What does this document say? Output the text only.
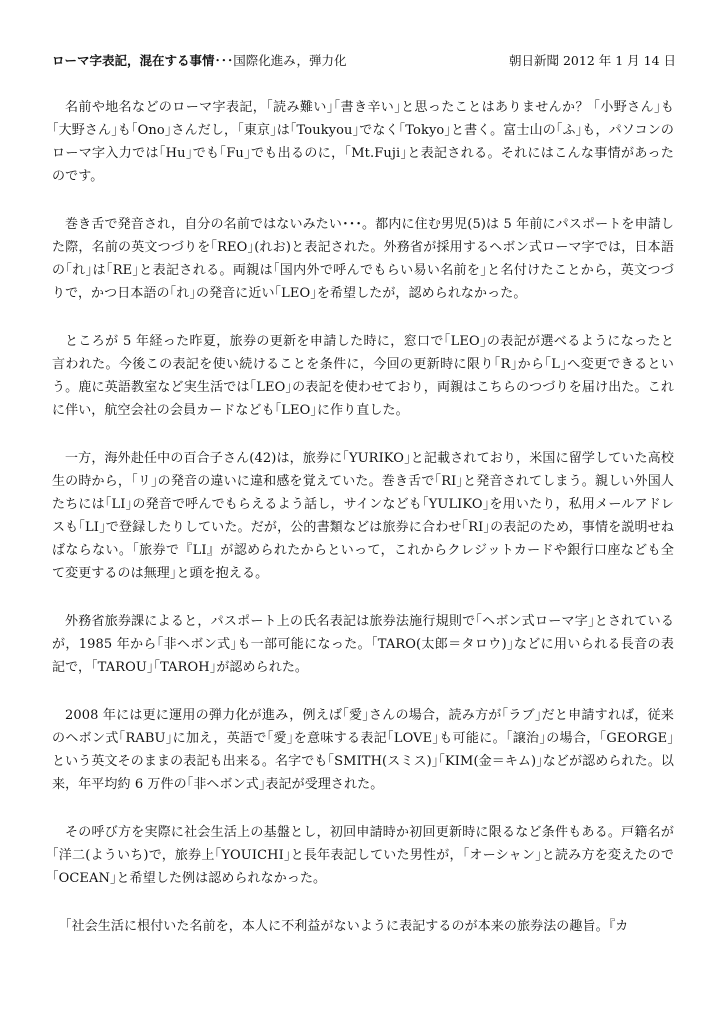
ローマ字表記，混在する事情･･･国際化進み，弾力化	朝日新聞 2012 年 1 月 14 日

名前や地名などのローマ字表記，｢読み難い｣｢書き辛い｣と思ったことはありませんか？ ｢小野さん｣も｢大野さん｣も｢Ono｣さんだし，｢東京｣は｢Toukyou｣でなく｢Tokyo｣と書く。富士山の｢ふ｣も，パソコンのローマ字入力では｢Hu｣でも｢Fu｣でも出るのに，｢Mt.Fuji｣と表記される。それにはこんな事情があったのです。

巻き舌で発音され，自分の名前ではないみたい･･･。都内に住む男児(5)は 5 年前にパスポートを申請した際，名前の英文つづりを｢REO｣(れお)と表記された。外務省が採用するヘボン式ローマ字では，日本語の｢れ｣は｢RE｣と表記される。両親は｢国内外で呼んでもらい易い名前を｣と名付けたことから，英文つづりで，かつ日本語の｢れ｣の発音に近い｢LEO｣を希望したが，認められなかった。

ところが 5 年経った昨夏，旅券の更新を申請した時に，窓口で｢LEO｣の表記が選べるようになったと言われた。今後この表記を使い続けることを条件に，今回の更新時に限り｢R｣から｢L｣へ変更できるという。鹿に英語教室など実生活では｢LEO｣の表記を使わせており，両親はこちらのつづりを届け出た。これに伴い，航空会社の会員カードなども｢LEO｣に作り直した。

一方，海外赴任中の百合子さん(42)は，旅券に｢YURIKO｣と記載されており，米国に留学していた高校生の時から，｢リ｣の発音の違いに違和感を覚えていた。巻き舌で｢RI｣と発音されてしまう。親しい外国人たちには｢LI｣の発音で呼んでもらえるよう話し，サインなども｢YULIKO｣を用いたり，私用メールアドレスも｢LI｣で登録したりしていた。だが，公的書類などは旅券に合わせ｢RI｣の表記のため，事情を説明せねばならない。｢旅券で『LI』が認められたからといって，これからクレジットカードや銀行口座なども全て変更するのは無理｣と頭を抱える。

外務省旅券課によると，パスポート上の氏名表記は旅券法施行規則で｢ヘボン式ローマ字｣とされているが，1985 年から｢非ヘボン式｣も一部可能になった。｢TARO(太郎＝タロウ)｣などに用いられる長音の表記で，｢TAROU｣｢TAROH｣が認められた。

2008 年には更に運用の弾力化が進み，例えば｢愛｣さんの場合，読み方が｢ラブ｣だと申請すれば，従来のヘボン式｢RABU｣に加え，英語で｢愛｣を意味する表記｢LOVE｣も可能に。｢譲治｣の場合，｢GEORGE｣という英文そのままの表記も出来る。名字でも｢SMITH(スミス)｣｢KIM(金＝キム)｣などが認められた。以来，年平均約 6 万件の｢非ヘボン式｣表記が受理された。

その呼び方を実際に社会生活上の基盤とし，初回申請時か初回更新時に限るなど条件もある。戸籍名が｢洋二(よういち)で，旅券上｢YOUICHI｣と長年表記していた男性が，｢オーシャン｣と読み方を変えたので｢OCEAN｣と希望した例は認められなかった。

｢社会生活に根付いた名前を，本人に不利益がないように表記するのが本来の旅券法の趣旨。『カ
